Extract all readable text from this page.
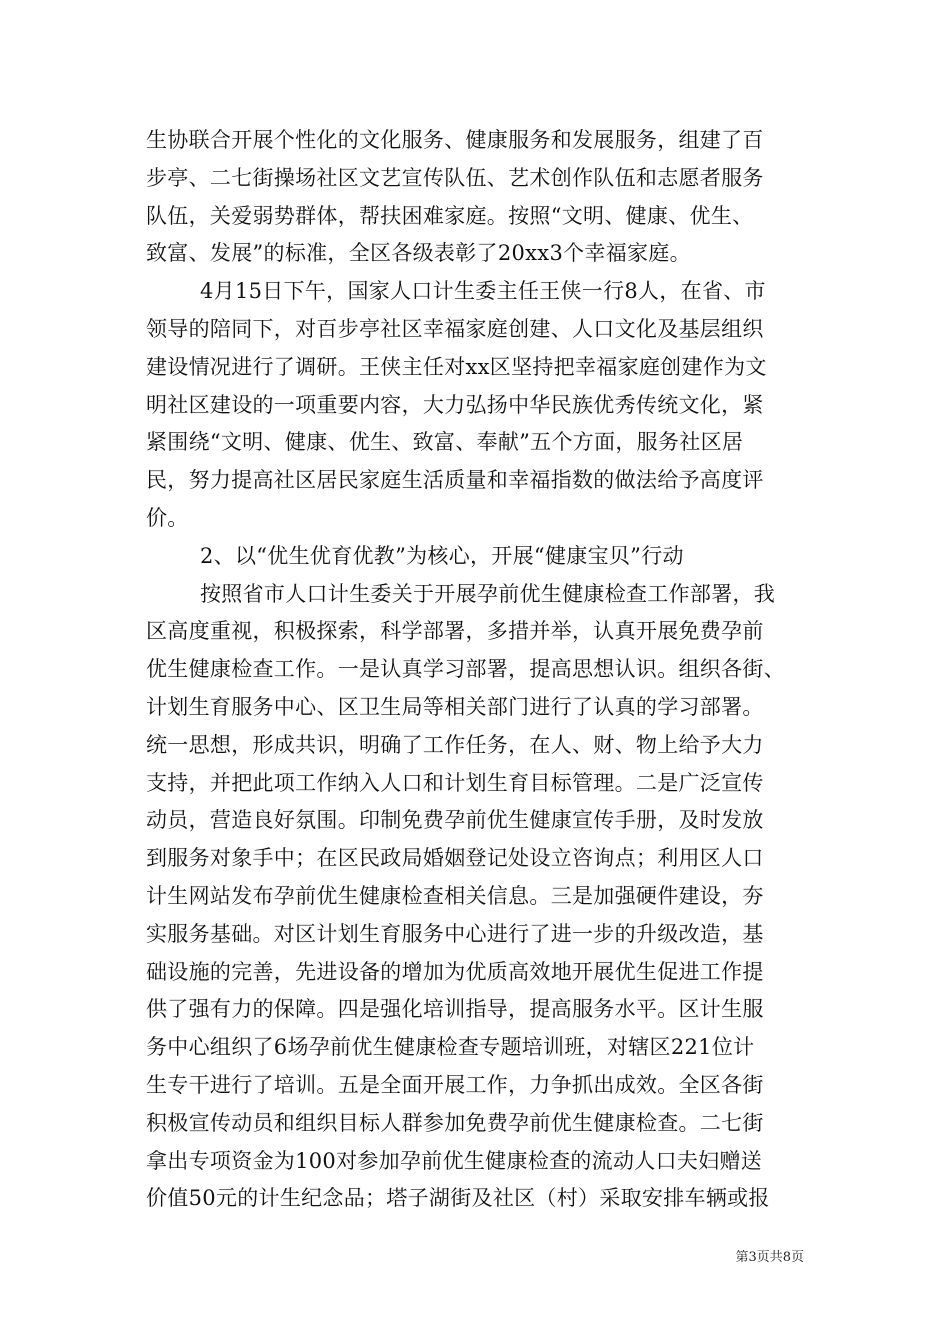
生协联合开展个性化的文化服务、健康服务和发展服务，组建了百
步亭、二七街操场社区文艺宣传队伍、艺术创作队伍和志愿者服务
队伍，关爱弱势群体，帮扶困难家庭。按照“文明、健康、优生、
致富、发展”的标准，全区各级表彰了20xx3个幸福家庭。
4月15日下午，国家人口计生委主任王侠一行8人，在省、市
领导的陪同下，对百步亭社区幸福家庭创建、人口文化及基层组织
建设情况进行了调研。王侠主任对xx区坚持把幸福家庭创建作为文
明社区建设的一项重要内容，大力弘扬中华民族优秀传统文化，紧
紧围绕“文明、健康、优生、致富、奉献”五个方面，服务社区居
民，努力提高社区居民家庭生活质量和幸福指数的做法给予高度评
价。
2、以“优生优育优教”为核心，开展“健康宝贝”行动
按照省市人口计生委关于开展孕前优生健康检查工作部署，我
区高度重视，积极探索，科学部署，多措并举，认真开展免费孕前
优生健康检查工作。一是认真学习部署，提高思想认识。组织各街、
计划生育服务中心、区卫生局等相关部门进行了认真的学习部署。
统一思想，形成共识，明确了工作任务，在人、财、物上给予大力
支持，并把此项工作纳入人口和计划生育目标管理。二是广泛宣传
动员，营造良好氛围。印制免费孕前优生健康宣传手册，及时发放
到服务对象手中；在区民政局婚姻登记处设立咨询点；利用区人口
计生网站发布孕前优生健康检查相关信息。三是加强硬件建设，夯
实服务基础。对区计划生育服务中心进行了进一步的升级改造，基
础设施的完善，先进设备的增加为优质高效地开展优生促进工作提
供了强有力的保障。四是强化培训指导，提高服务水平。区计生服
务中心组织了6场孕前优生健康检查专题培训班，对辖区221位计
生专干进行了培训。五是全面开展工作，力争抓出成效。全区各街
积极宣传动员和组织目标人群参加免费孕前优生健康检查。二七街
拿出专项资金为100对参加孕前优生健康检查的流动人口夫妇赠送
价值50元的计生纪念品；塔子湖街及社区（村）采取安排车辆或报
第3页共8页
